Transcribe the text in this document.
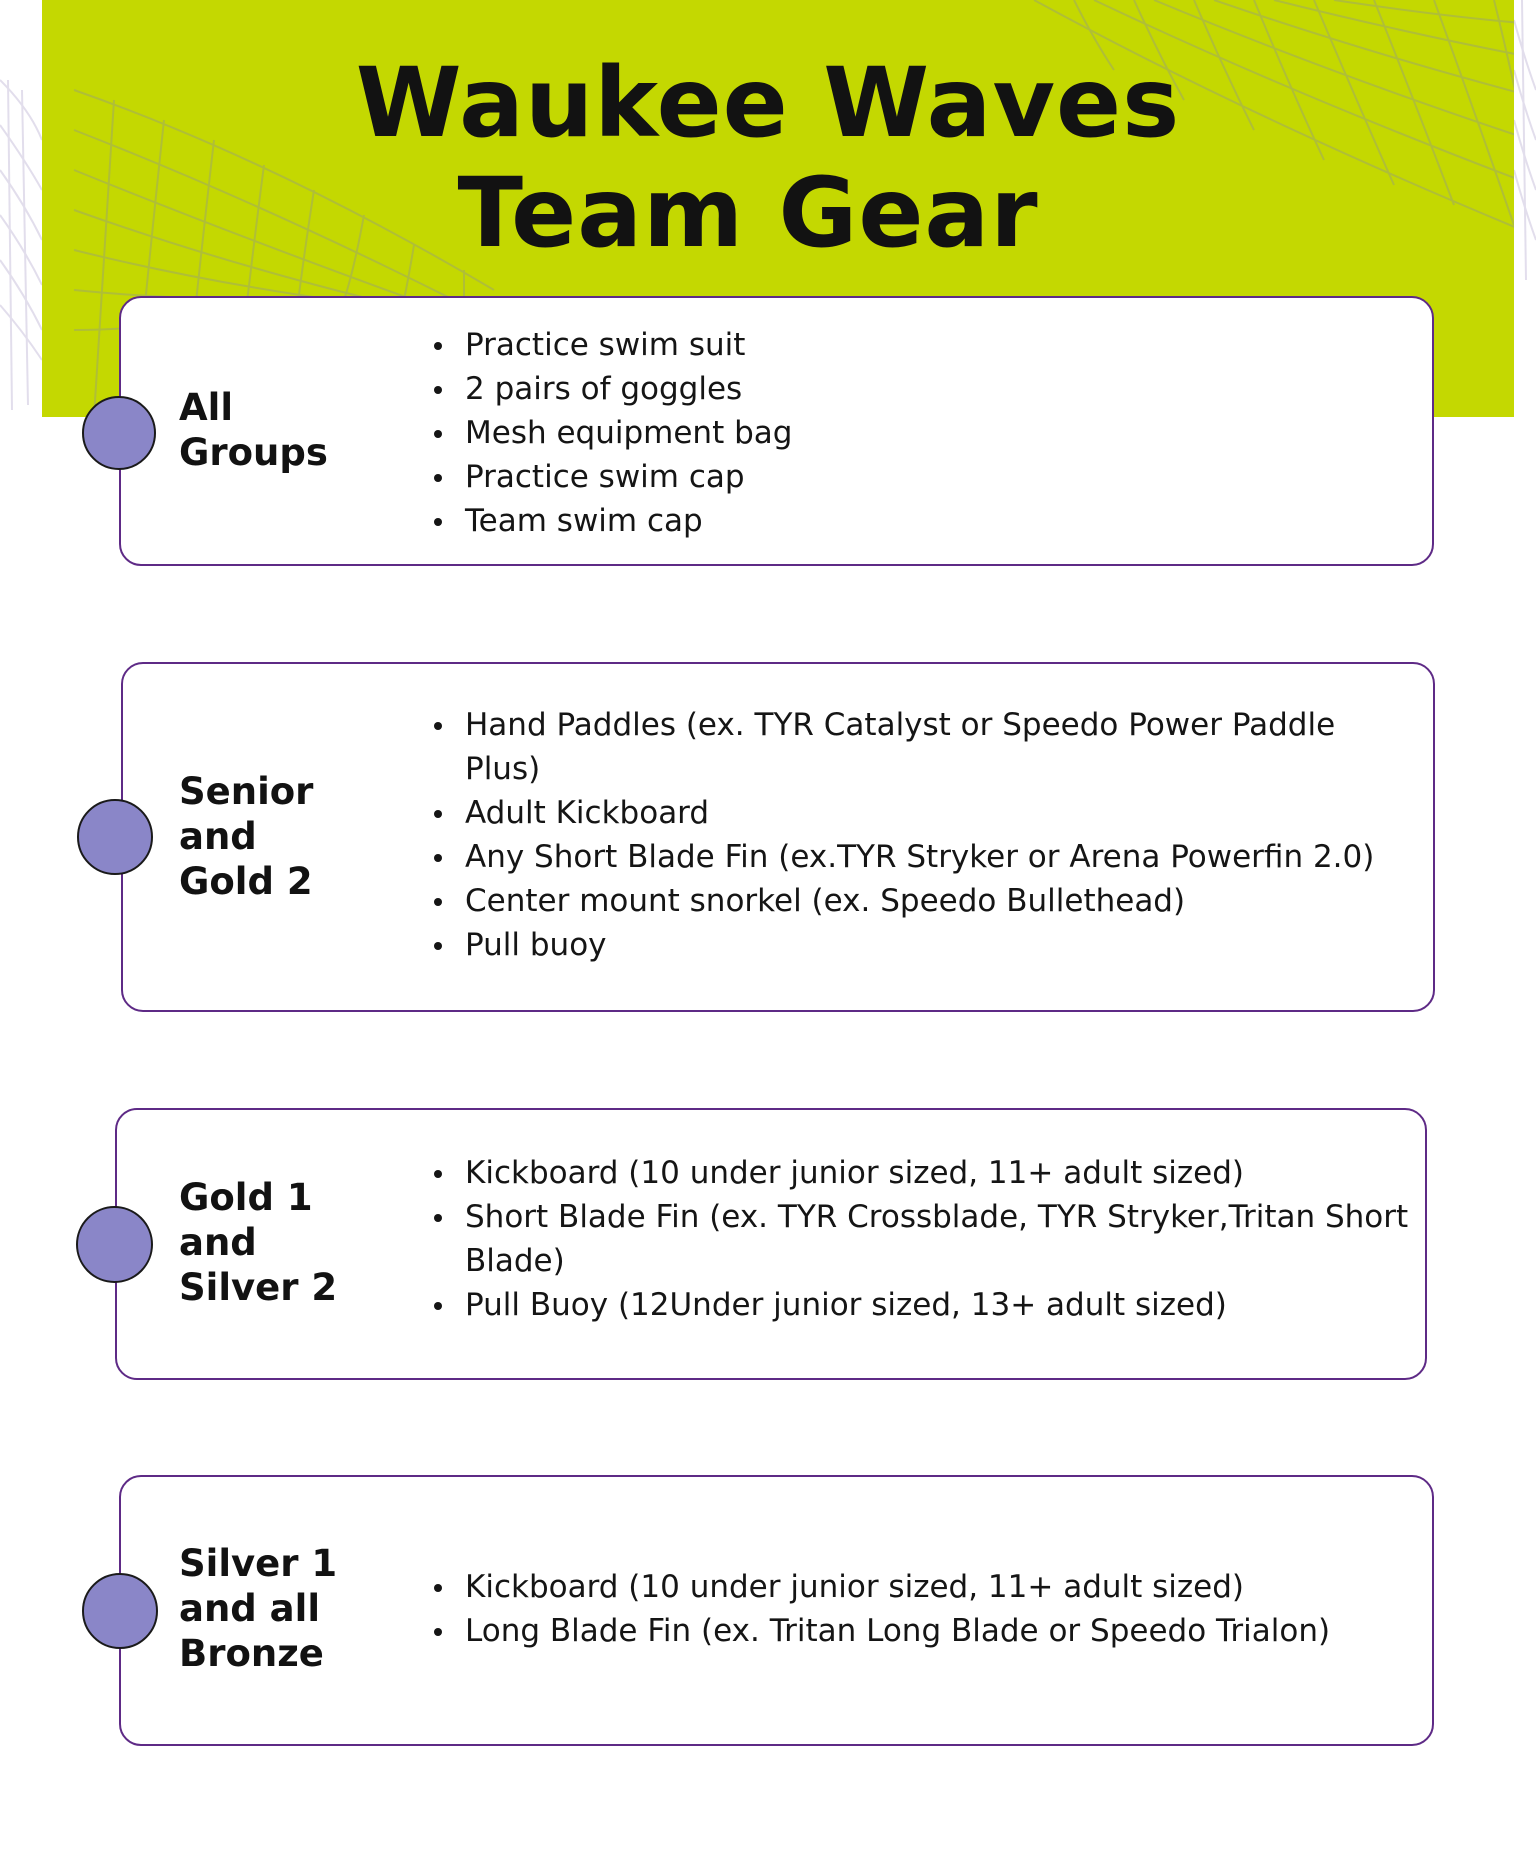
Waukee Waves
Team Gear
All
Groups
Practice swim suit
2 pairs of goggles
Mesh equipment bag
Practice swim cap
Team swim cap
Senior
and
Gold 2
Hand Paddles (ex. TYR Catalyst or Speedo Power Paddle Plus)
Adult Kickboard
Any Short Blade Fin (ex.TYR Stryker or Arena Powerfin 2.0)
Center mount snorkel (ex. Speedo Bullethead)
Pull buoy
Gold 1
and
Silver 2
Kickboard (10 under junior sized, 11+ adult sized)
Short Blade Fin (ex. TYR Crossblade, TYR Stryker,Tritan Short Blade)
Pull Buoy (12Under junior sized, 13+ adult sized)
Silver 1
and all
Bronze
Kickboard (10 under junior sized, 11+ adult sized)
Long Blade Fin (ex. Tritan Long Blade or Speedo Trialon)
